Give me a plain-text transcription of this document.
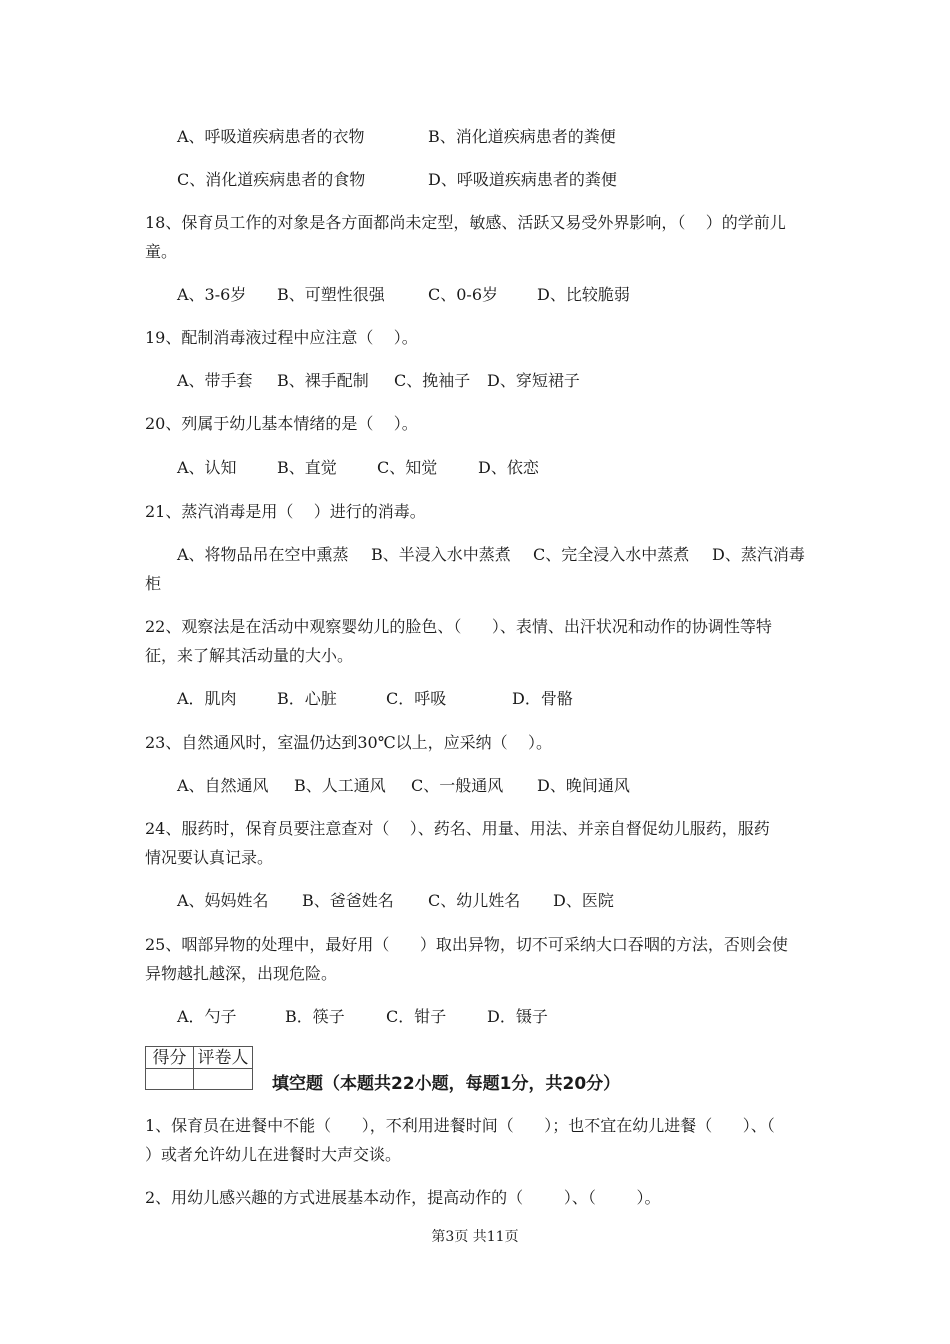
A、呼吸道疾病患者的衣物	B、消化道疾病患者的粪便
C、消化道疾病患者的食物	D、呼吸道疾病患者的粪便
18、保育员工作的对象是各方面都尚未定型，敏感、活跃又易受外界影响，（    ）的学前儿
童。
A、3-6岁 B、可塑性很强	C、0-6岁 D、比较脆弱
19、配制消毒液过程中应注意（    ）。
A、带手套 B、裸手配制 C、挽袖子 D、穿短裙子
20、列属于幼儿基本情绪的是（    ）。
A、认知	B、直觉	C、知觉	D、依恋
21、蒸汽消毒是用（    ）进行的消毒。
A、将物品吊在空中熏蒸 B、半浸入水中蒸煮 C、完全浸入水中蒸煮 D、蒸汽消毒
柜
22、观察法是在活动中观察婴幼儿的脸色、（      ）、表情、出汗状况和动作的协调性等特
征，来了解其活动量的大小。
A．肌肉	B．心脏	C．呼吸	D．骨骼
23、自然通风时，室温仍达到30℃以上，应采纳（    ）。
A、自然通风 B、人工通风 C、一般通风 D、晚间通风
24、服药时，保育员要注意查对（    ）、药名、用量、用法、并亲自督促幼儿服药，服药
情况要认真记录。
A、妈妈姓名 B、爸爸姓名 C、幼儿姓名 D、医院
25、咽部异物的处理中，最好用（      ）取出异物，切不可采纳大口吞咽的方法，否则会使
异物越扎越深，出现危险。
A．勺子	B．筷子	C．钳子	D．镊子
1、保育员在进餐中不能（      ），不利用进餐时间（      ）；也不宜在幼儿进餐（      ）、（
）或者允许幼儿在进餐时大声交谈。
2、用幼儿感兴趣的方式进展基本动作，提高动作的（        ）、（        ）。
得分 评卷人
填空题（本题共22小题，每题1分，共20分）
第3页 共11页
